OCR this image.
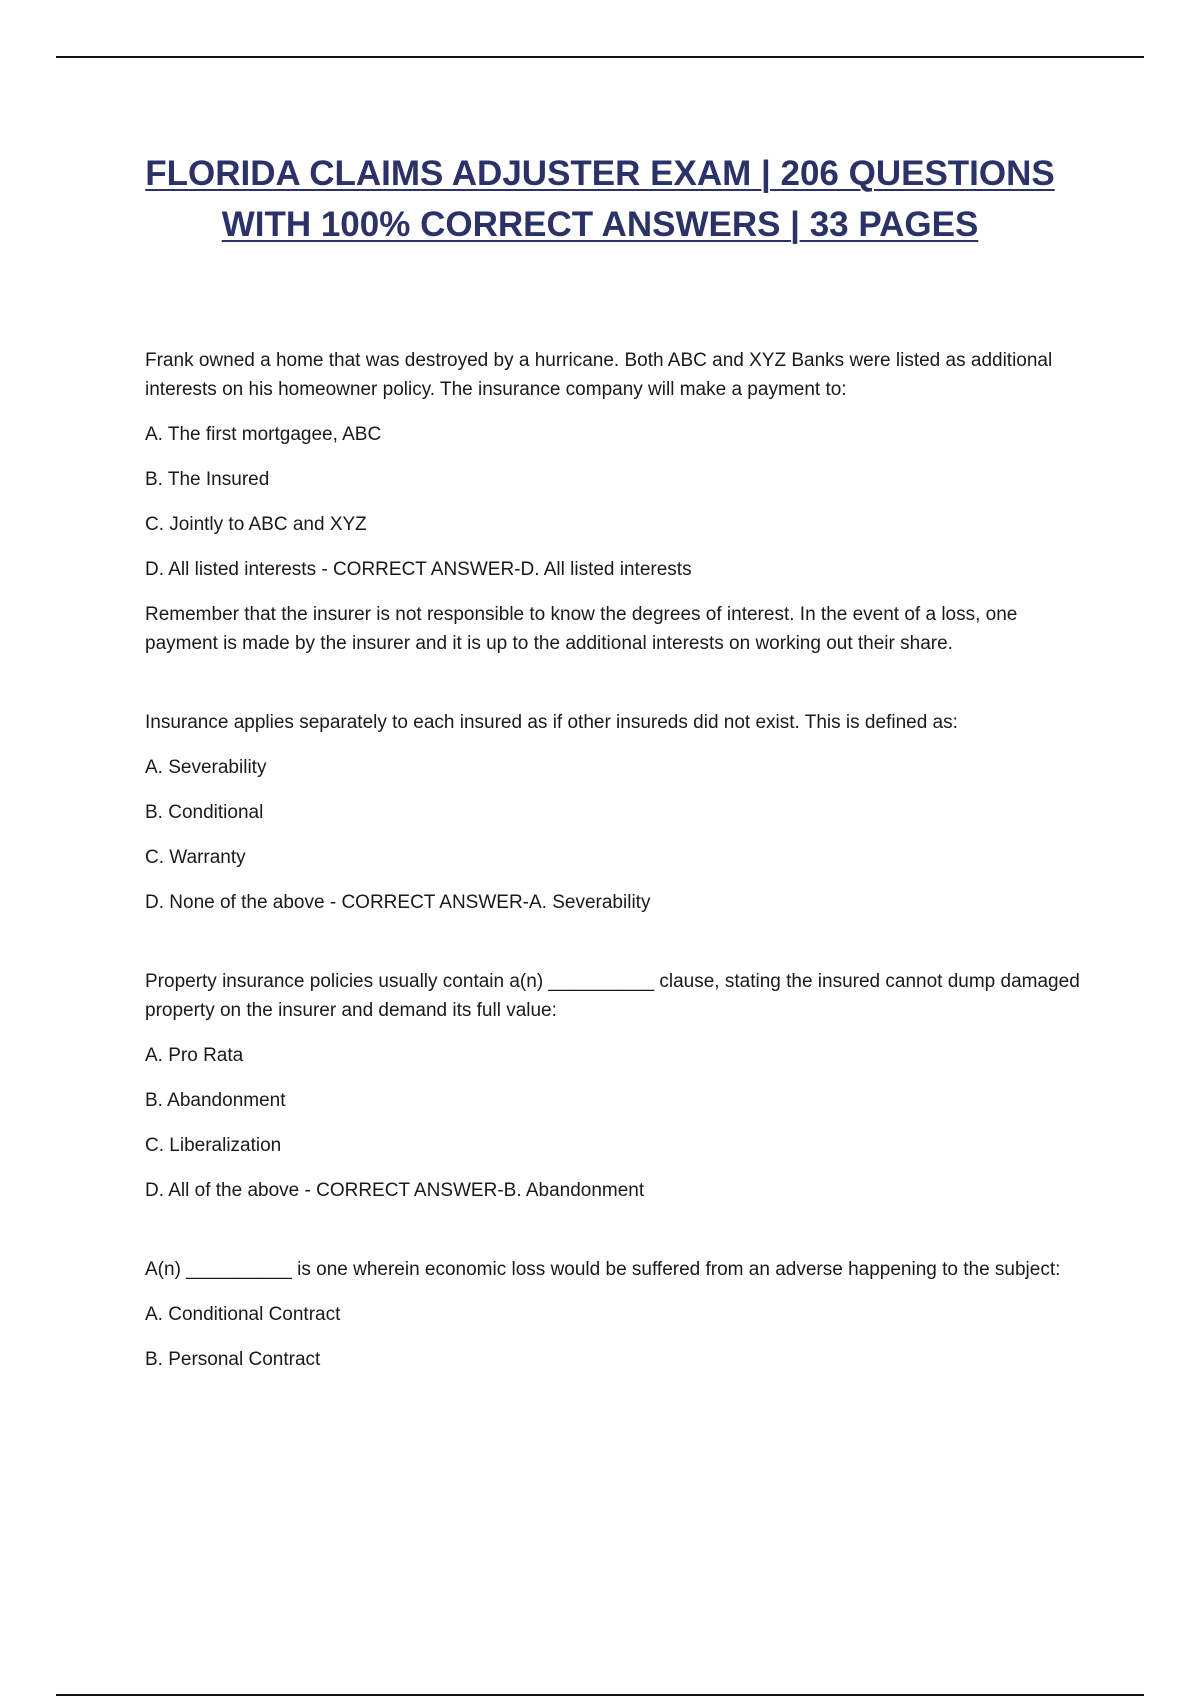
FLORIDA CLAIMS ADJUSTER EXAM | 206 QUESTIONS
WITH 100% CORRECT ANSWERS | 33 PAGES

Frank owned a home that was destroyed by a hurricane. Both ABC and XYZ Banks were listed as additional interests on his homeowner policy. The insurance company will make a payment to:

A. The first mortgagee, ABC

B. The Insured

C. Jointly to ABC and XYZ

D. All listed interests - CORRECT ANSWER-D. All listed interests

Remember that the insurer is not responsible to know the degrees of interest. In the event of a loss, one payment is made by the insurer and it is up to the additional interests on working out their share.

Insurance applies separately to each insured as if other insureds did not exist. This is defined as:

A. Severability

B. Conditional

C. Warranty

D. None of the above - CORRECT ANSWER-A. Severability

Property insurance policies usually contain a(n) __________ clause, stating the insured cannot dump damaged property on the insurer and demand its full value:

A. Pro Rata

B. Abandonment

C. Liberalization

D. All of the above - CORRECT ANSWER-B. Abandonment

A(n) __________ is one wherein economic loss would be suffered from an adverse happening to the subject:

A. Conditional Contract

B. Personal Contract
